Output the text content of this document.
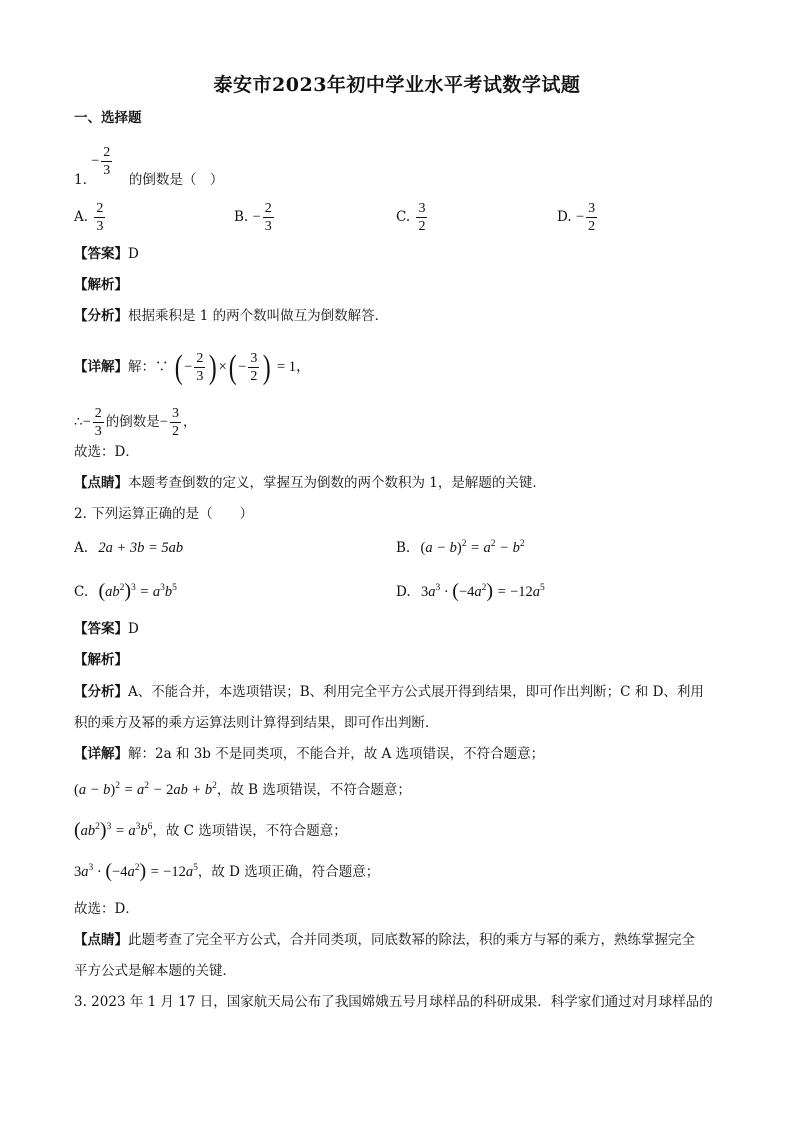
泰安市2023年初中学业水平考试数学试题
一、选择题
− $\frac{2}{3}$
1.	的倒数是（　）
A. $\frac{2}{3}$	B. − $\frac{2}{3}$	C. $\frac{3}{2}$	D. − $\frac{3}{2}$
【答案】D
【解析】
【分析】根据乘积是 1 的两个数叫做互为倒数解答．
【详解】解：∵ ( − $\frac{2}{3}$ ) ×( − $\frac{3}{2}$ ) = 1，
∴− $\frac{2}{3}$ 的倒数是− $\frac{3}{2}$ ，
故选：D．
【点睛】本题考查倒数的定义，掌握互为倒数的两个数积为 1，是解题的关键．
2. 下列运算正确的是（　　）
A. 2a + 3b = 5ab	B. $(a - b)^2 = a^2 - b^2$
C. $(ab^2)^3 = a^3b^5$	D. $3a^3 \cdot (-4a^2) = -12a^5$
【答案】D
【解析】
【分析】A、不能合并，本选项错误；B、利用完全平方公式展开得到结果，即可作出判断；C 和 D、利用
积的乘方及幂的乘方运算法则计算得到结果，即可作出判断．
【详解】解：2a 和 3b 不是同类项，不能合并，故 A 选项错误，不符合题意；
$(a - b)^2 = a^2 - 2ab + b^2$，故 B 选项错误，不符合题意；
$(ab^2)^3 = a^3b^6$，故 C 选项错误，不符合题意；
$3a^3 \cdot (-4a^2) = -12a^5$，故 D 选项正确，符合题意；
故选：D．
【点睛】此题考查了完全平方公式，合并同类项，同底数幂的除法，积的乘方与幂的乘方，熟练掌握完全
平方公式是解本题的关键．
3. 2023 年 1 月 17 日，国家航天局公布了我国嫦娥五号月球样品的科研成果．科学家们通过对月球样品的
